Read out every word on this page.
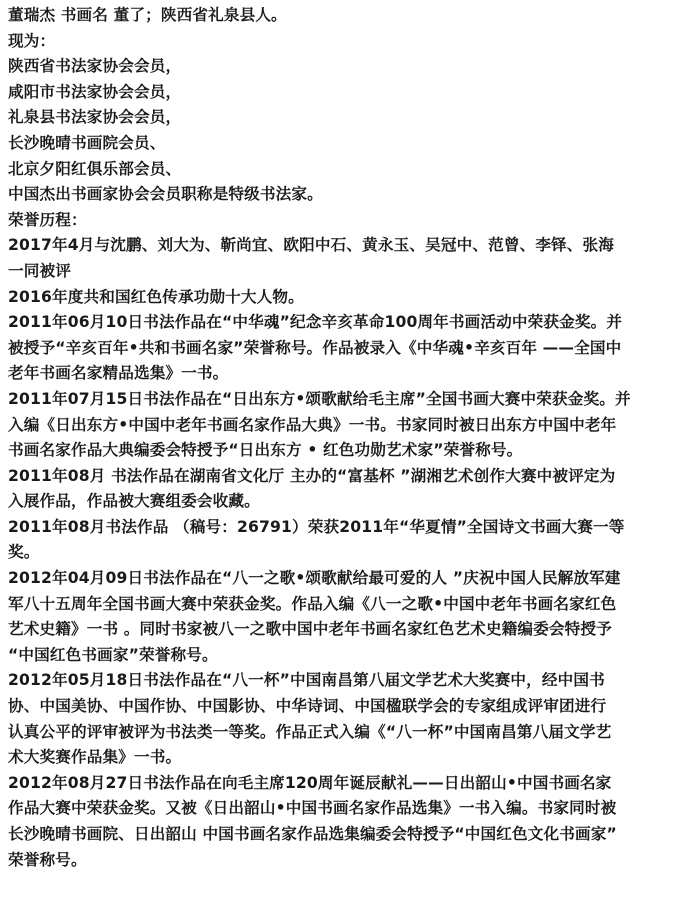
董瑞杰 书画名 董了；陕西省礼泉县人。
现为：
陕西省书法家协会会员，
咸阳市书法家协会会员，
礼泉县书法家协会会员，
长沙晚晴书画院会员、
北京夕阳红俱乐部会员、
中国杰出书画家协会会员职称是特级书法家。
荣誉历程：
2017年4月与沈鹏、刘大为、靳尚宜、欧阳中石、黄永玉、吴冠中、范曾、李铎、张海
一同被评
2016年度共和国红色传承功勋十大人物。
2011年06月10日书法作品在“中华魂”纪念辛亥革命100周年书画活动中荣获金奖。并
被授予“辛亥百年•共和书画名家”荣誉称号。作品被录入《中华魂•辛亥百年 ——全国中
老年书画名家精品选集》一书。
2011年07月15日书法作品在“日出东方•颂歌献给毛主席”全国书画大赛中荣获金奖。并
入编《日出东方•中国中老年书画名家作品大典》一书。书家同时被日出东方中国中老年
书画名家作品大典编委会特授予“日出东方 • 红色功勋艺术家”荣誉称号。
2011年08月 书法作品在湖南省文化厅 主办的“富基杯 ”湖湘艺术创作大赛中被评定为
入展作品，作品被大赛组委会收藏。
2011年08月书法作品 （稿号：26791）荣获2011年“华夏情”全国诗文书画大赛一等
奖。
2012年04月09日书法作品在“八一之歌•颂歌献给最可爱的人 ”庆祝中国人民解放军建
军八十五周年全国书画大赛中荣获金奖。作品入编《八一之歌•中国中老年书画名家红色
艺术史籍》一书 。同时书家被八一之歌中国中老年书画名家红色艺术史籍编委会特授予
“中国红色书画家”荣誉称号。
2012年05月18日书法作品在“八一杯”中国南昌第八届文学艺术大奖赛中，经中国书
协、中国美协、中国作协、中国影协、中华诗词、中国楹联学会的专家组成评审团进行
认真公平的评审被评为书法类一等奖。作品正式入编《“八一杯”中国南昌第八届文学艺
术大奖赛作品集》一书。
2012年08月27日书法作品在向毛主席120周年诞辰献礼——日出韶山•中国书画名家
作品大赛中荣获金奖。又被《日出韶山•中国书画名家作品选集》一书入编。书家同时被
长沙晚晴书画院、日出韶山 中国书画名家作品选集编委会特授予“中国红色文化书画家”
荣誉称号。
